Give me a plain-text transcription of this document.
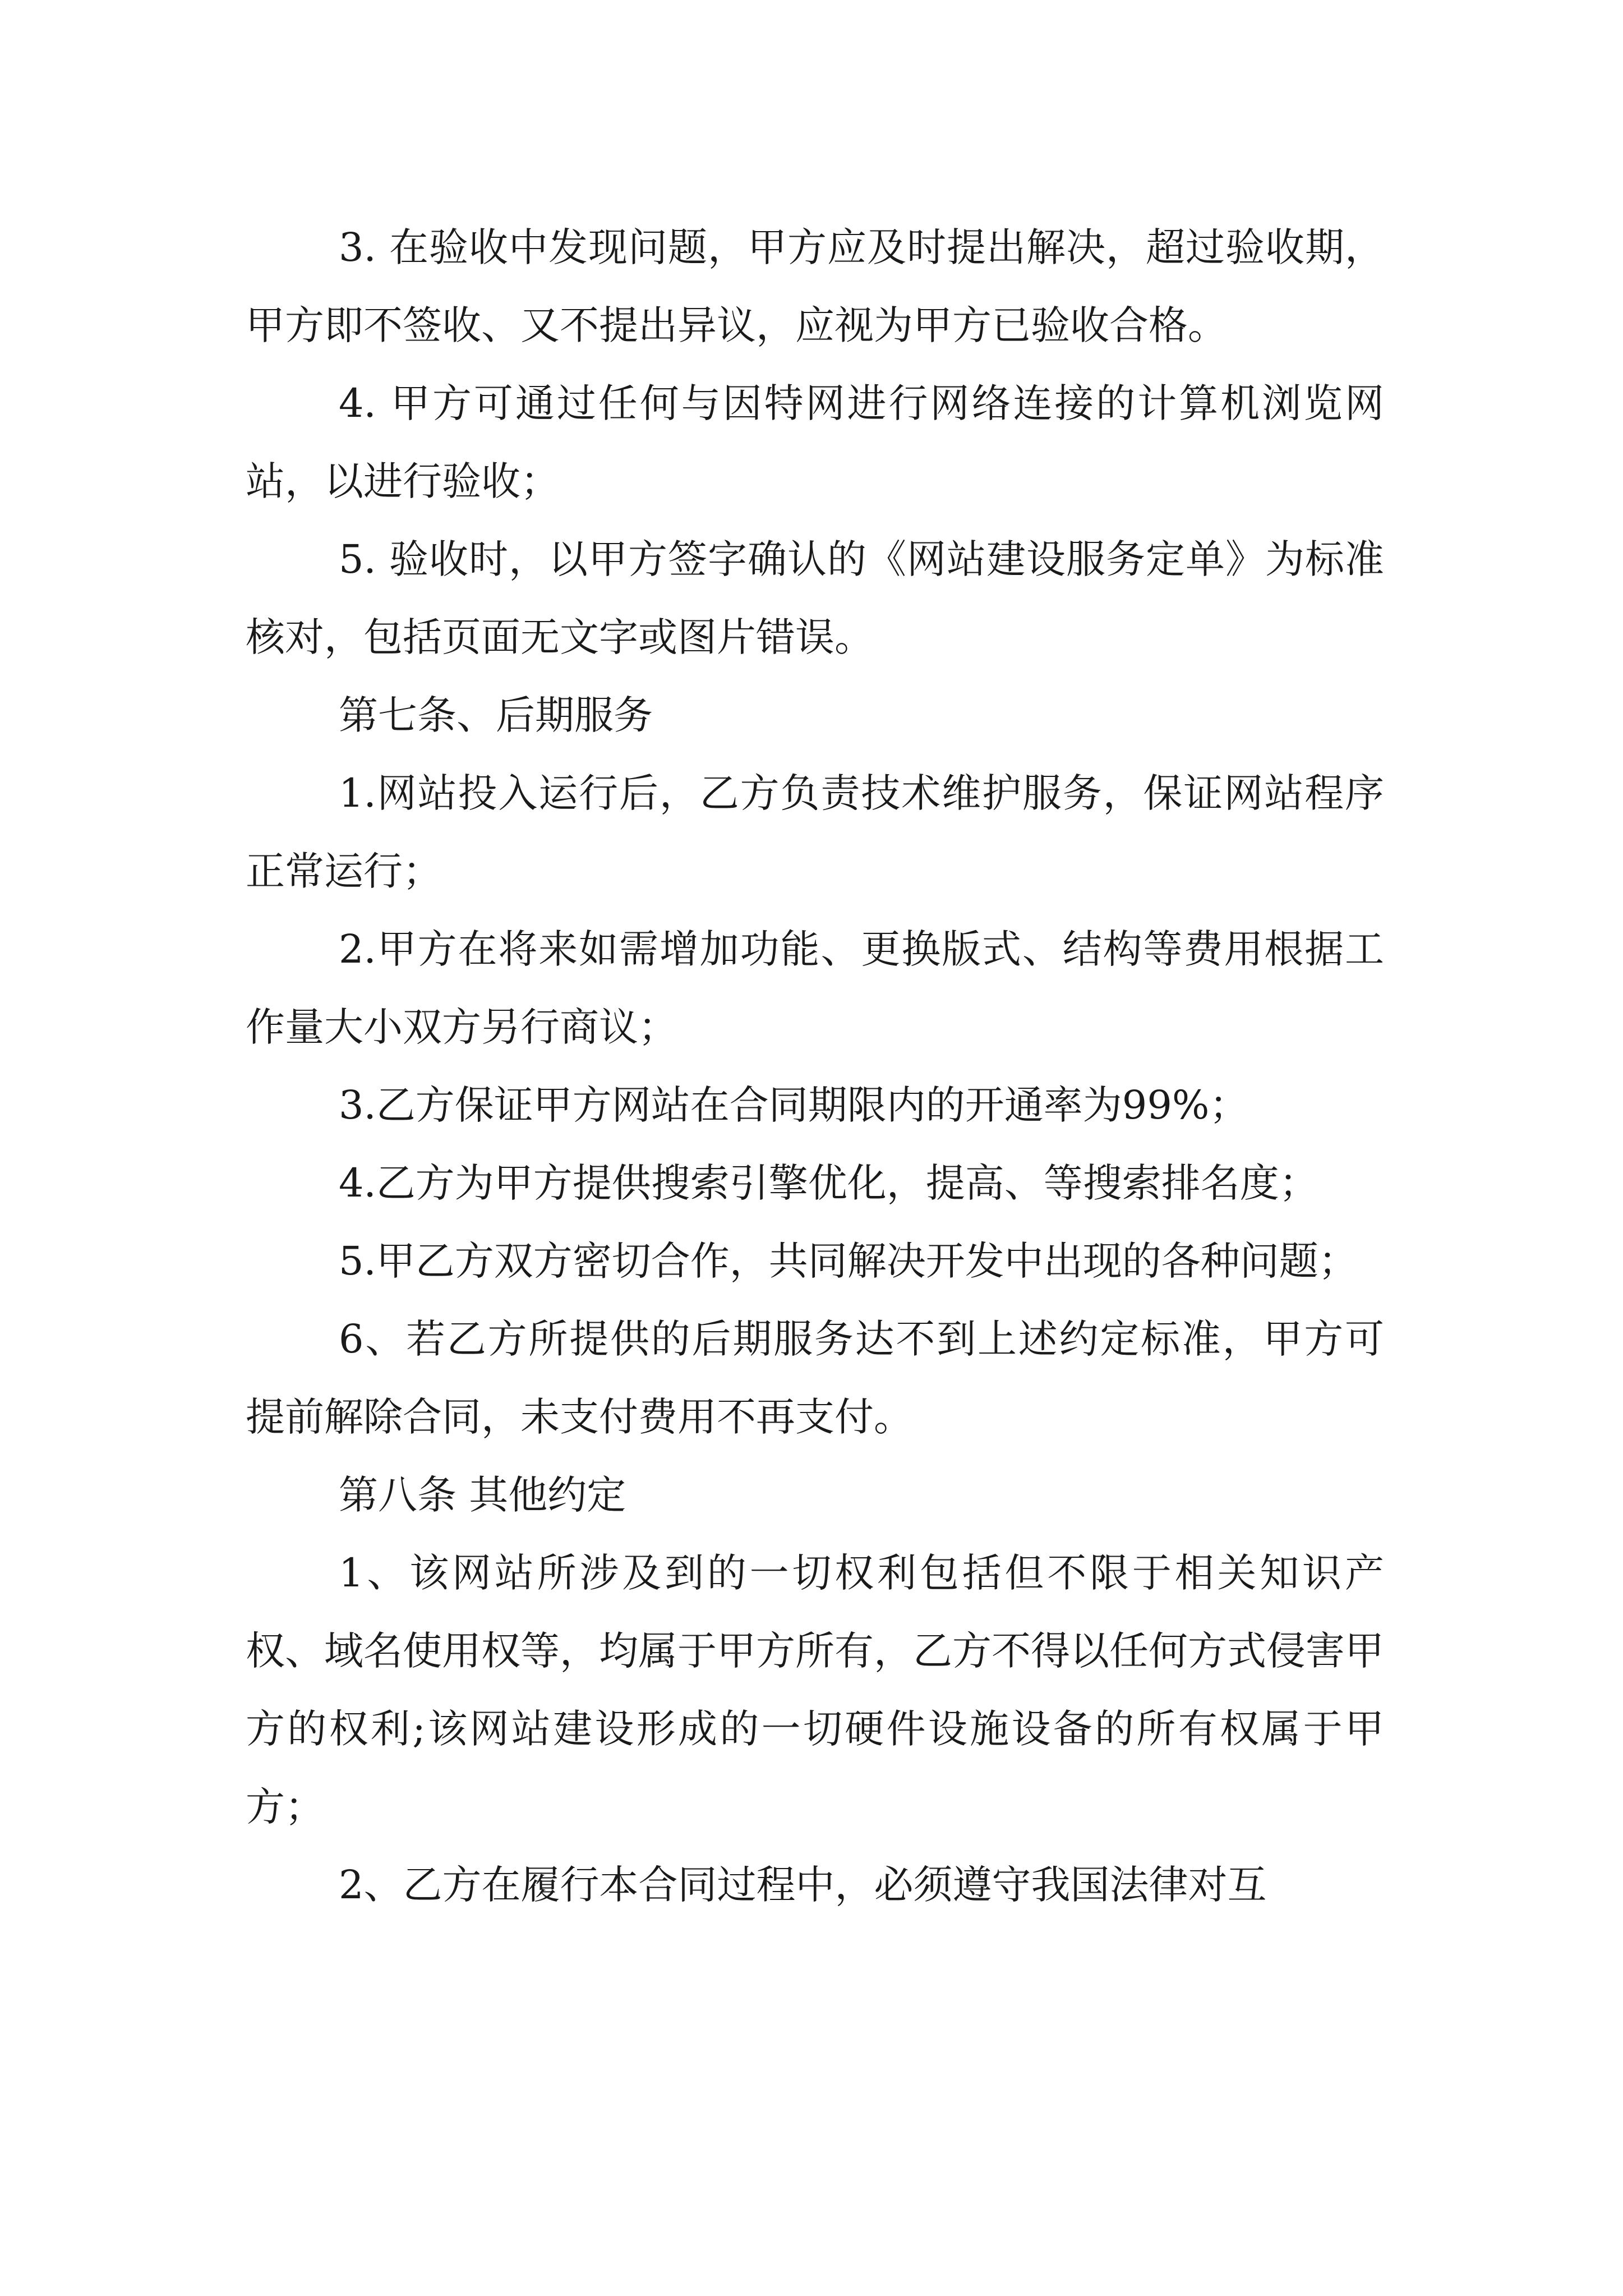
3. 在验收中发现问题，甲方应及时提出解决，超过验收期，甲方即不签收、又不提出异议，应视为甲方已验收合格。

4. 甲方可通过任何与因特网进行网络连接的计算机浏览网站，以进行验收；

5. 验收时，以甲方签字确认的《网站建设服务定单》为标准核对，包括页面无文字或图片错误。

第七条、后期服务

1.网站投入运行后，乙方负责技术维护服务，保证网站程序正常运行；

2.甲方在将来如需增加功能、更换版式、结构等费用根据工作量大小双方另行商议；

3.乙方保证甲方网站在合同期限内的开通率为99%；

4.乙方为甲方提供搜索引擎优化，提高、等搜索排名度；

5.甲乙方双方密切合作，共同解决开发中出现的各种问题；

6、若乙方所提供的后期服务达不到上述约定标准，甲方可提前解除合同，未支付费用不再支付。

第八条 其他约定

1、该网站所涉及到的一切权利包括但不限于相关知识产权、域名使用权等，均属于甲方所有，乙方不得以任何方式侵害甲方的权利;该网站建设形成的一切硬件设施设备的所有权属于甲方；

2、乙方在履行本合同过程中，必须遵守我国法律对互
